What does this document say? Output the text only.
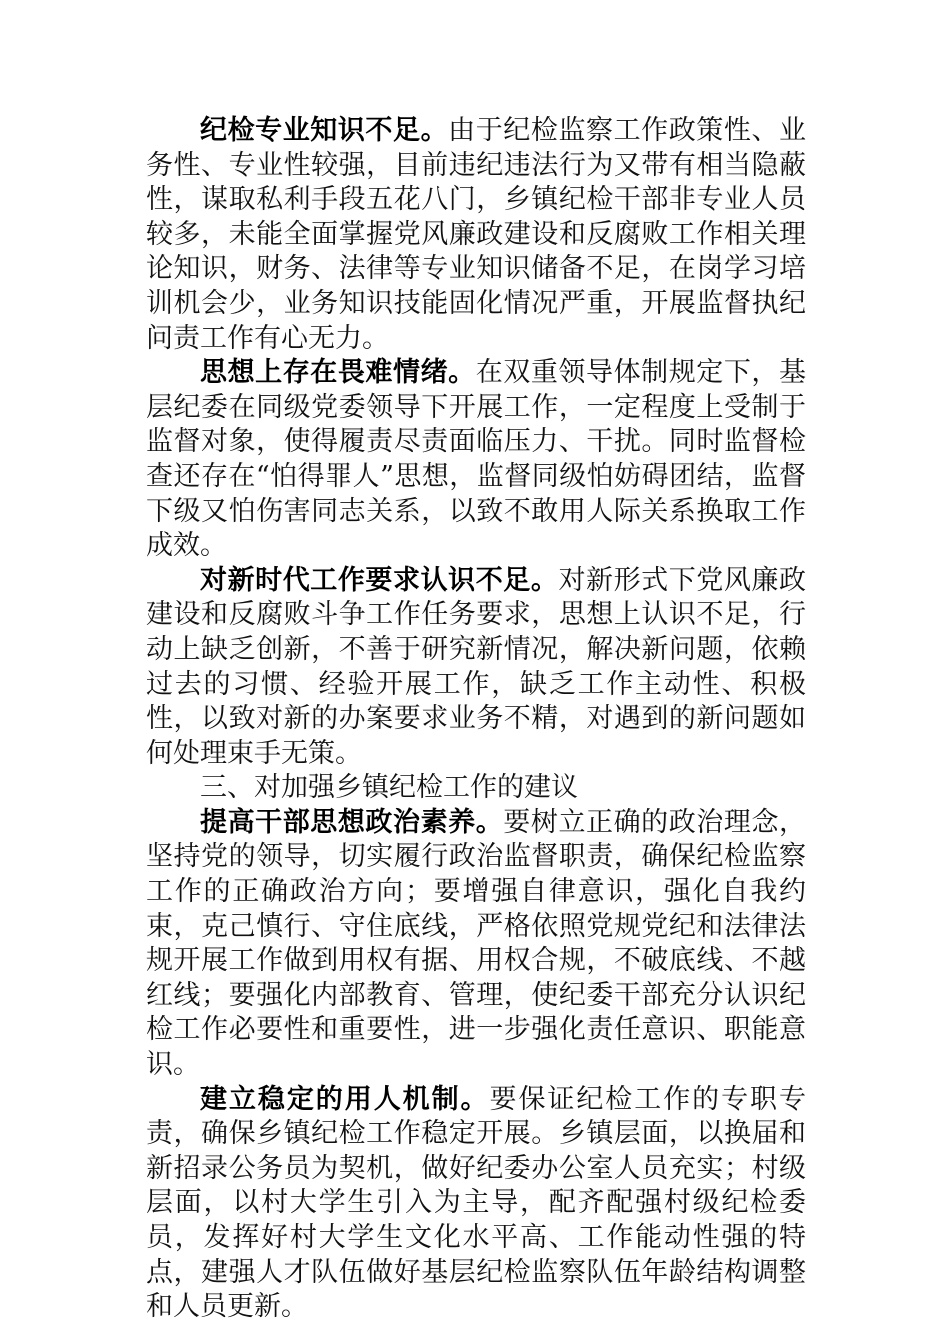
纪检专业知识不足。由于纪检监察工作政策性、业务性、专业性较强，目前违纪违法行为又带有相当隐蔽性，谋取私利手段五花八门，乡镇纪检干部非专业人员较多，未能全面掌握党风廉政建设和反腐败工作相关理论知识，财务、法律等专业知识储备不足，在岗学习培训机会少，业务知识技能固化情况严重，开展监督执纪问责工作有心无力。

思想上存在畏难情绪。在双重领导体制规定下，基层纪委在同级党委领导下开展工作，一定程度上受制于监督对象，使得履责尽责面临压力、干扰。同时监督检查还存在“怕得罪人”思想，监督同级怕妨碍团结，监督下级又怕伤害同志关系，以致不敢用人际关系换取工作成效。

对新时代工作要求认识不足。对新形式下党风廉政建设和反腐败斗争工作任务要求，思想上认识不足，行动上缺乏创新，不善于研究新情况，解决新问题，依赖过去的习惯、经验开展工作，缺乏工作主动性、积极性，以致对新的办案要求业务不精，对遇到的新问题如何处理束手无策。

三、对加强乡镇纪检工作的建议

提高干部思想政治素养。要树立正确的政治理念，坚持党的领导，切实履行政治监督职责，确保纪检监察工作的正确政治方向；要增强自律意识，强化自我约束，克己慎行、守住底线，严格依照党规党纪和法律法规开展工作做到用权有据、用权合规，不破底线、不越红线；要强化内部教育、管理，使纪委干部充分认识纪检工作必要性和重要性，进一步强化责任意识、职能意识。

建立稳定的用人机制。要保证纪检工作的专职专责，确保乡镇纪检工作稳定开展。乡镇层面，以换届和新招录公务员为契机，做好纪委办公室人员充实；村级层面，以村大学生引入为主导，配齐配强村级纪检委员，发挥好村大学生文化水平高、工作能动性强的特点，建强人才队伍做好基层纪检监察队伍年龄结构调整和人员更新。
